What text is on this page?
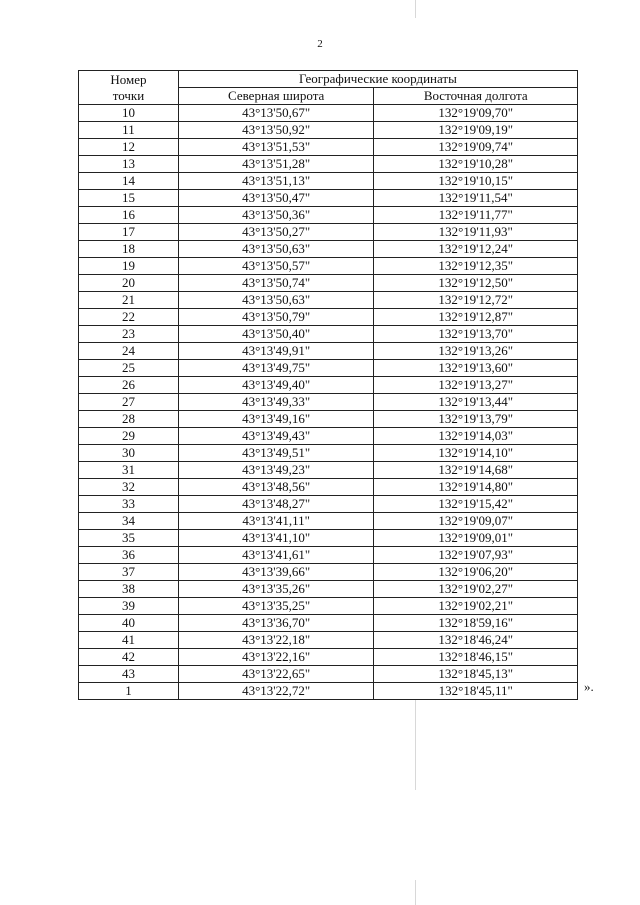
2
Номер точки	Географические координаты	
	Северная широта	Восточная долгота
10	43°13'50,67"	132°19'09,70"
11	43°13'50,92"	132°19'09,19"
12	43°13'51,53"	132°19'09,74"
13	43°13'51,28"	132°19'10,28"
14	43°13'51,13"	132°19'10,15"
15	43°13'50,47"	132°19'11,54"
16	43°13'50,36"	132°19'11,77"
17	43°13'50,27"	132°19'11,93"
18	43°13'50,63"	132°19'12,24"
19	43°13'50,57"	132°19'12,35"
20	43°13'50,74"	132°19'12,50"
21	43°13'50,63"	132°19'12,72"
22	43°13'50,79"	132°19'12,87"
23	43°13'50,40"	132°19'13,70"
24	43°13'49,91"	132°19'13,26"
25	43°13'49,75"	132°19'13,60"
26	43°13'49,40"	132°19'13,27"
27	43°13'49,33"	132°19'13,44"
28	43°13'49,16"	132°19'13,79"
29	43°13'49,43"	132°19'14,03"
30	43°13'49,51"	132°19'14,10"
31	43°13'49,23"	132°19'14,68"
32	43°13'48,56"	132°19'14,80"
33	43°13'48,27"	132°19'15,42"
34	43°13'41,11"	132°19'09,07"
35	43°13'41,10"	132°19'09,01"
36	43°13'41,61"	132°19'07,93"
37	43°13'39,66"	132°19'06,20"
38	43°13'35,26"	132°19'02,27"
39	43°13'35,25"	132°19'02,21"
40	43°13'36,70"	132°18'59,16"
41	43°13'22,18"	132°18'46,24"
42	43°13'22,16"	132°18'46,15"
43	43°13'22,65"	132°18'45,13"
1	43°13'22,72"	132°18'45,11"	».
